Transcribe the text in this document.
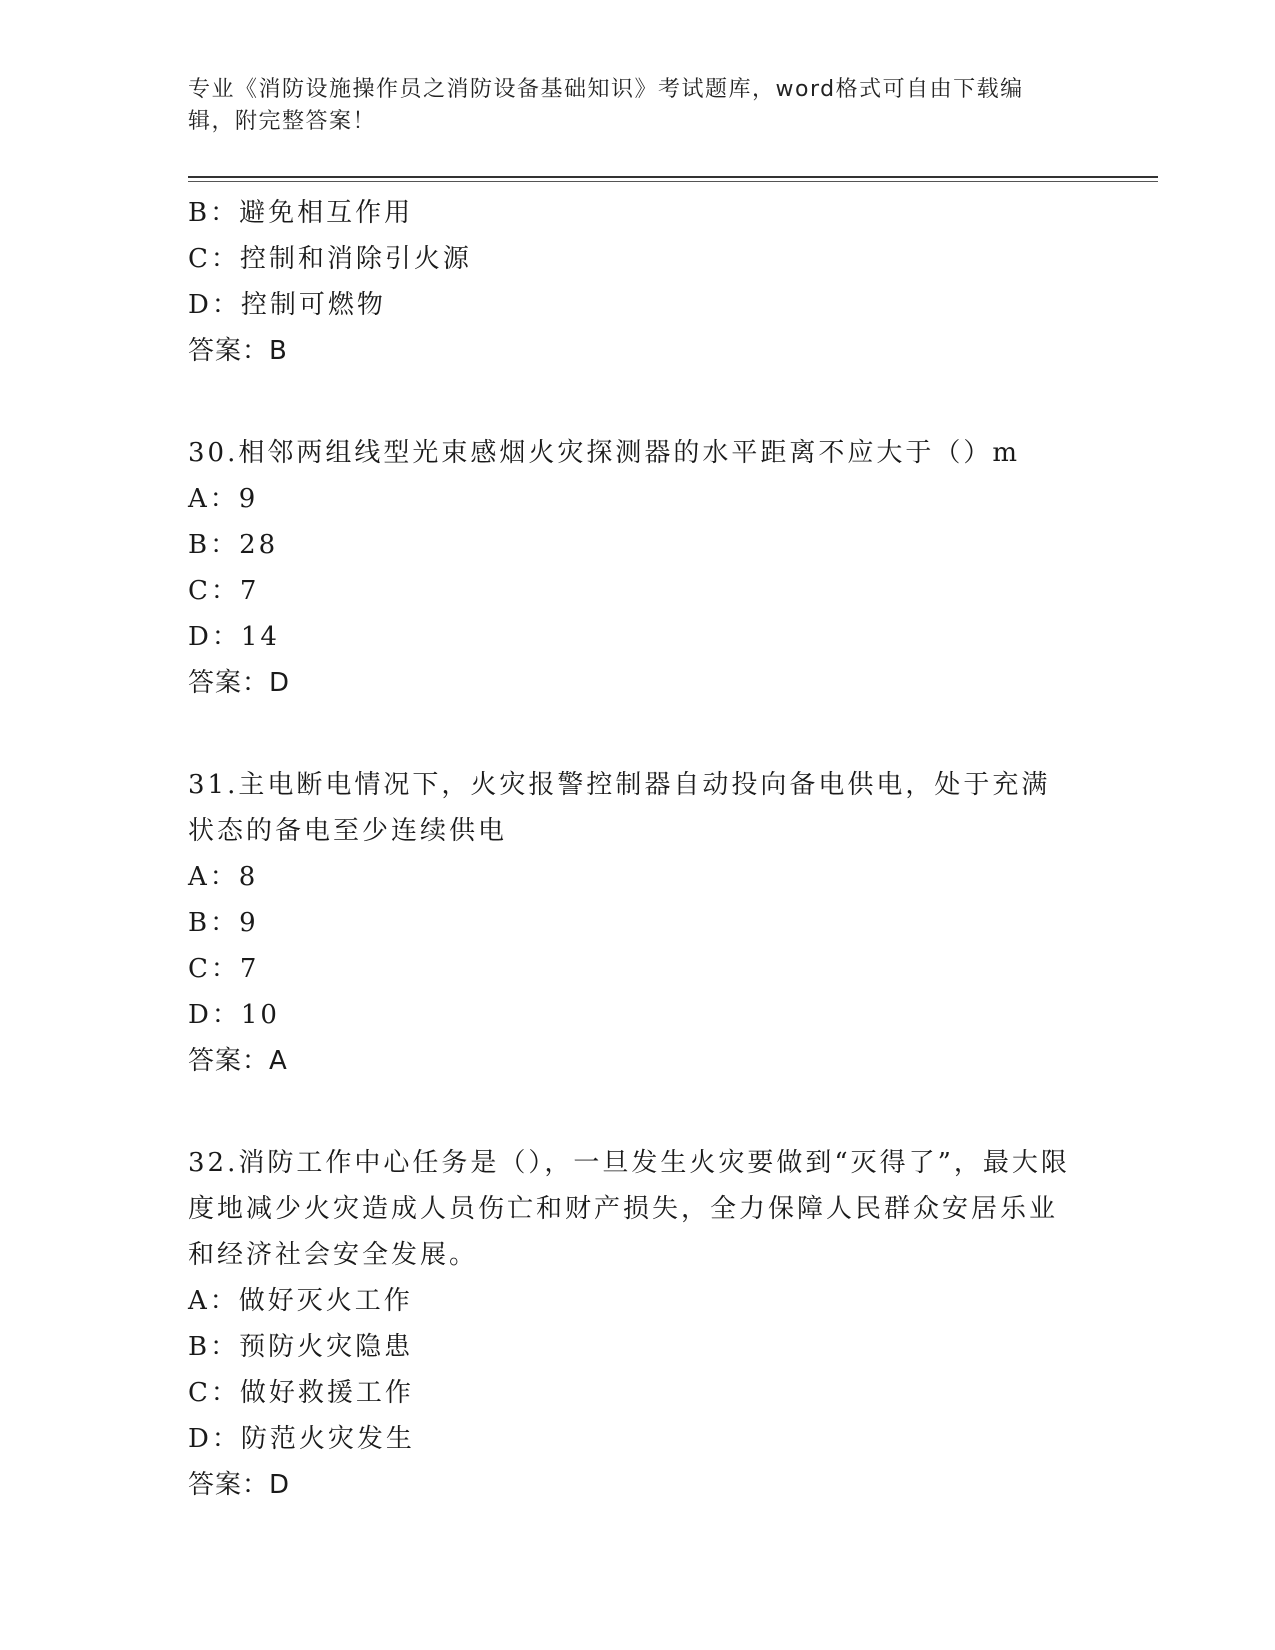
专业《消防设施操作员之消防设备基础知识》考试题库，word格式可自由下载编辑，附完整答案！
B：避免相互作用
C：控制和消除引火源
D：控制可燃物
答案：B
30.相邻两组线型光束感烟火灾探测器的水平距离不应大于（）m
A：9
B：28
C：7
D：14
答案：D
31.主电断电情况下，火灾报警控制器自动投向备电供电，处于充满状态的备电至少连续供电
A：8
B：9
C：7
D：10
答案：A
32.消防工作中心任务是（），一旦发生火灾要做到“灭得了”，最大限度地减少火灾造成人员伤亡和财产损失，全力保障人民群众安居乐业和经济社会安全发展。
A：做好灭火工作
B：预防火灾隐患
C：做好救援工作
D：防范火灾发生
答案：D
